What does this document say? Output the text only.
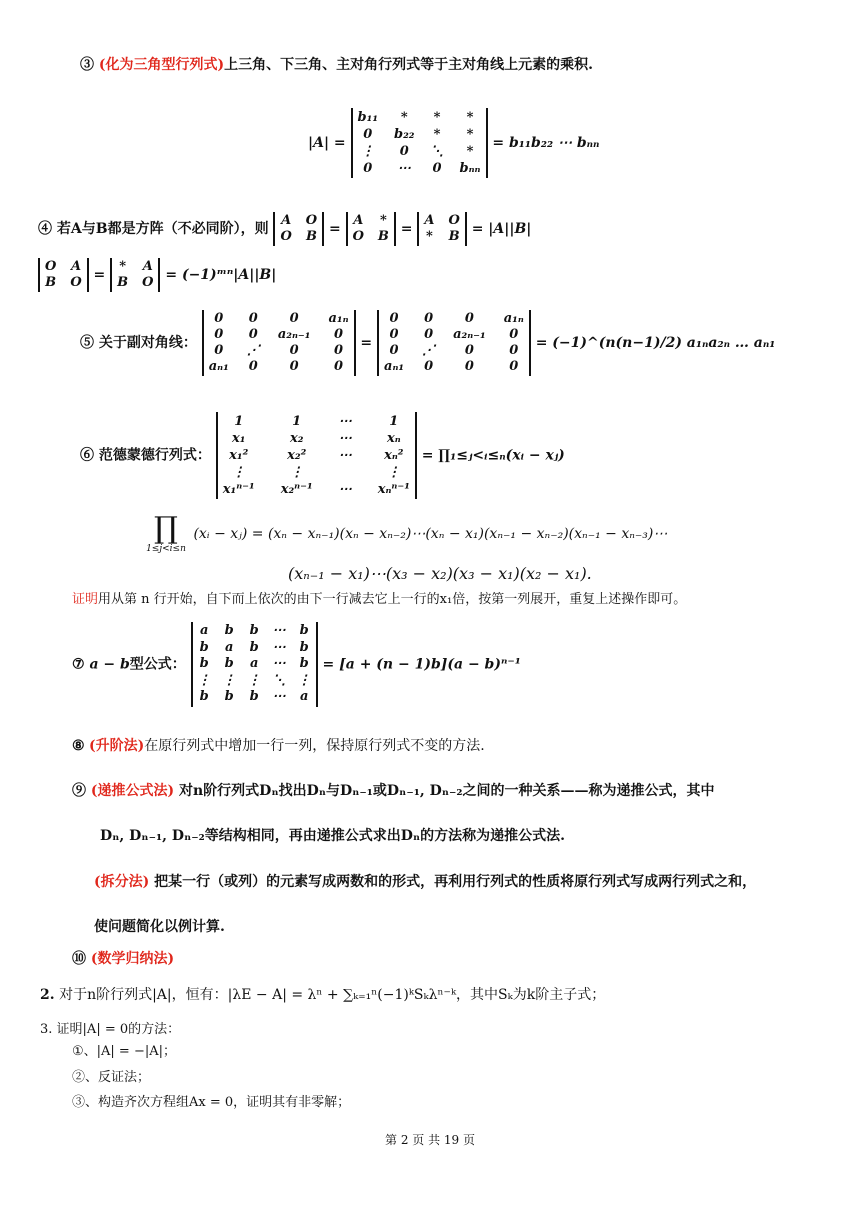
③ (化为三角型行列式)上三角、下三角、主对角行列式等于主对角线上元素的乘积.
|A| =
b₁₁	*	*	*
0	b₂₂ *	*
⋮	0	⋱	*
0	⋯ 0 bₙₙ
= b₁₁b₂₂ ⋯ bₙₙ
④ 若A与B都是方阵（不必同阶），则
A O
O B =
A *
O B =
A O
* B = |A||B|
O A
B O =
* A
B O = (−1)ᵐⁿ|A||B|
⑤ 关于副对角线：
0	0	0	a₁ₙ
0	0 a₂ₙ₋₁	0
0	⋰	0	0
aₙ₁ 0	0	0
=
0	0	0	a₁ₙ
0	0 a₂ₙ₋₁	0
0	⋰	0	0
aₙ₁ 0	0	0
= (−1)^(n(n−1)/2) a₁ₙa₂ₙ … aₙ₁
⑥ 范德蒙德行列式：
1	1	⋯	1
x₁	x₂	⋯	xₙ
x₁²	x₂²	⋯	xₙ²
⋮	⋮	⋮
x₁ⁿ⁻¹ x₂ⁿ⁻¹ ⋯ xₙⁿ⁻¹
= ∏₁≤ⱼ<ᵢ≤ₙ(xᵢ − xⱼ)
∏
1≤j<i≤n
(xᵢ − xⱼ) = (xₙ − xₙ₋₁)(xₙ − xₙ₋₂)⋯(xₙ − x₁)(xₙ₋₁ − xₙ₋₂)(xₙ₋₁ − xₙ₋₃)⋯
(xₙ₋₁ − x₁)⋯(x₃ − x₂)(x₃ − x₁)(x₂ − x₁).
证明用从第 n 行开始，自下而上依次的由下一行减去它上一行的x₁倍，按第一列展开，重复上述操作即可。
⑦ a − b型公式：
a b b ⋯ b
b a b ⋯ b
b b a ⋯ b
⋮ ⋮ ⋮ ⋱ ⋮
b b b ⋯ a
= [a + (n − 1)b](a − b)ⁿ⁻¹
⑧ (升阶法)在原行列式中增加一行一列，保持原行列式不变的方法.
⑨ (递推公式法) 对n阶行列式Dₙ找出Dₙ与Dₙ₋₁或Dₙ₋₁, Dₙ₋₂之间的一种关系——称为递推公式，其中
Dₙ, Dₙ₋₁, Dₙ₋₂等结构相同，再由递推公式求出Dₙ的方法称为递推公式法.
(拆分法) 把某一行（或列）的元素写成两数和的形式，再利用行列式的性质将原行列式写成两行列式之和，
使问题简化以例计算.
⑩ (数学归纳法)
2. 对于n阶行列式|A|，恒有：|λE − A| = λⁿ + ∑ₖ₌₁ⁿ(−1)ᵏSₖλⁿ⁻ᵏ，其中Sₖ为k阶主子式；
3. 证明|A| = 0的方法：
①、|A| = −|A|；
②、反证法；
③、构造齐次方程组Ax = 0，证明其有非零解；
第 2 页 共 19 页
